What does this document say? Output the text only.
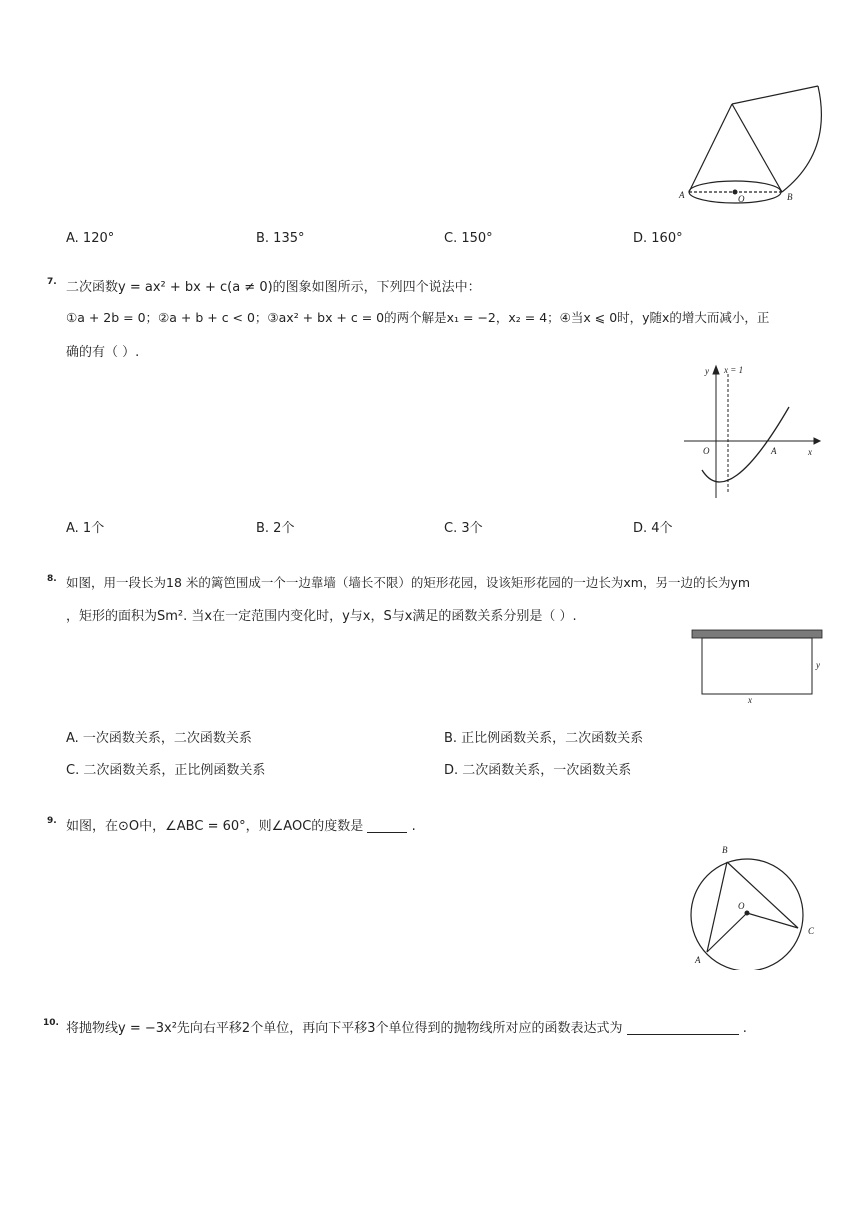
A	O	B
A. 120°	B. 135°	C. 150°	D. 160°
7. 二次函数y = ax² + bx + c(a ≠ 0)的图象如图所示，下列四个说法中：
①a + 2b = 0；②a + b + c < 0；③ax² + bx + c = 0的两个解是x₁ = −2，x₂ = 4；④当x ⩽ 0时，y随x的增大而减小，正
确的有（ ）.
y x = 1
O	A	x
A. 1个	B. 2个	C. 3个	D. 4个
8. 如图，用一段长为18 米的篱笆围成一个一边靠墙（墙长不限）的矩形花园，设该矩形花园的一边长为xm，另一边的长为ym
，矩形的面积为Sm². 当x在一定范围内变化时，y与x，S与x满足的函数关系分别是（ ）.
y
x
A. 一次函数关系，二次函数关系	B. 正比例函数关系，二次函数关系
C. 二次函数关系，正比例函数关系	D. 二次函数关系，一次函数关系
9. 如图，在⊙O中，∠ABC = 60°，则∠AOC的度数是	.
B
O
A
C
10. 将抛物线y = −3x²先向右平移2个单位，再向下平移3个单位得到的抛物线所对应的函数表达式为	.
